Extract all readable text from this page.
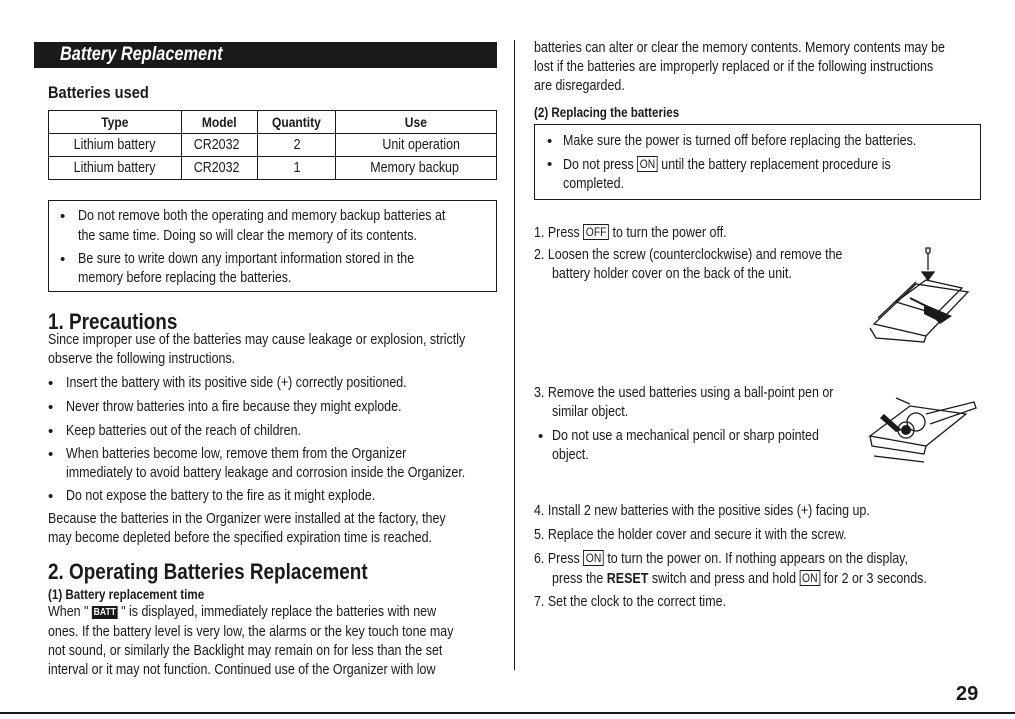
Battery Replacement
Batteries used
Type	Model	Quantity	Use
Lithium battery	CR2032	2	Unit operation
Lithium battery	CR2032	1	Memory backup
• Do not remove both the operating and memory backup batteries at
the same time. Doing so will clear the memory of its contents.
• Be sure to write down any important information stored in the
memory before replacing the batteries.
1. Precautions
Since improper use of the batteries may cause leakage or explosion, strictly
observe the following instructions.
• Insert the battery with its positive side (+) correctly positioned.
• Never throw batteries into a fire because they might explode.
• Keep batteries out of the reach of children.
• When batteries become low, remove them from the Organizer
immediately to avoid battery leakage and corrosion inside the Organizer.
• Do not expose the battery to the fire as it might explode.
Because the batteries in the Organizer were installed at the factory, they
may become depleted before the specified expiration time is reached.
2. Operating Batteries Replacement
(1) Battery replacement time
When " BATT " is displayed, immediately replace the batteries with new
ones. If the battery level is very low, the alarms or the key touch tone may
not sound, or similarly the Backlight may remain on for less than the set
interval or it may not function. Continued use of the Organizer with low
batteries can alter or clear the memory contents. Memory contents may be
lost if the batteries are improperly replaced or if the following instructions
are disregarded.
(2) Replacing the batteries
• Make sure the power is turned off before replacing the batteries.
• Do not press ON until the battery replacement procedure is
completed.
1. Press OFF to turn the power off.
2. Loosen the screw (counterclockwise) and remove the
battery holder cover on the back of the unit.
3. Remove the used batteries using a ball-point pen or
similar object.
• Do not use a mechanical pencil or sharp pointed
object.
4. Install 2 new batteries with the positive sides (+) facing up.
5. Replace the holder cover and secure it with the screw.
6. Press ON to turn the power on. If nothing appears on the display,
press the RESET switch and press and hold ON for 2 or 3 seconds.
7. Set the clock to the correct time.
29
